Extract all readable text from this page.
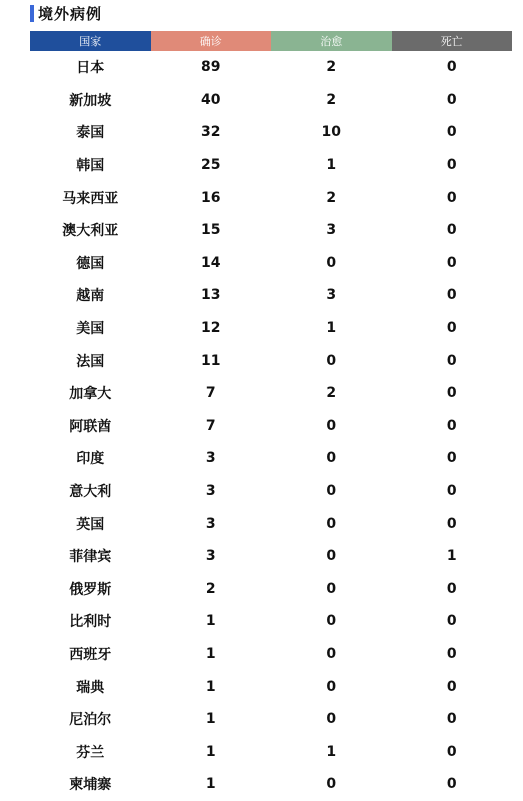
境外病例
国家	确诊	治愈	死亡
日本	89	2	0
新加坡	40	2	0
泰国	32	10	0
韩国	25	1	0
马来西亚	16	2	0
澳大利亚	15	3	0
德国	14	0	0
越南	13	3	0
美国	12	1	0
法国	11	0	0
加拿大	7	2	0
阿联酋	7	0	0
印度	3	0	0
意大利	3	0	0
英国	3	0	0
菲律宾	3	0	1
俄罗斯	2	0	0
比利时	1	0	0
西班牙	1	0	0
瑞典	1	0	0
尼泊尔	1	0	0
芬兰	1	1	0
柬埔寨	1	0	0
